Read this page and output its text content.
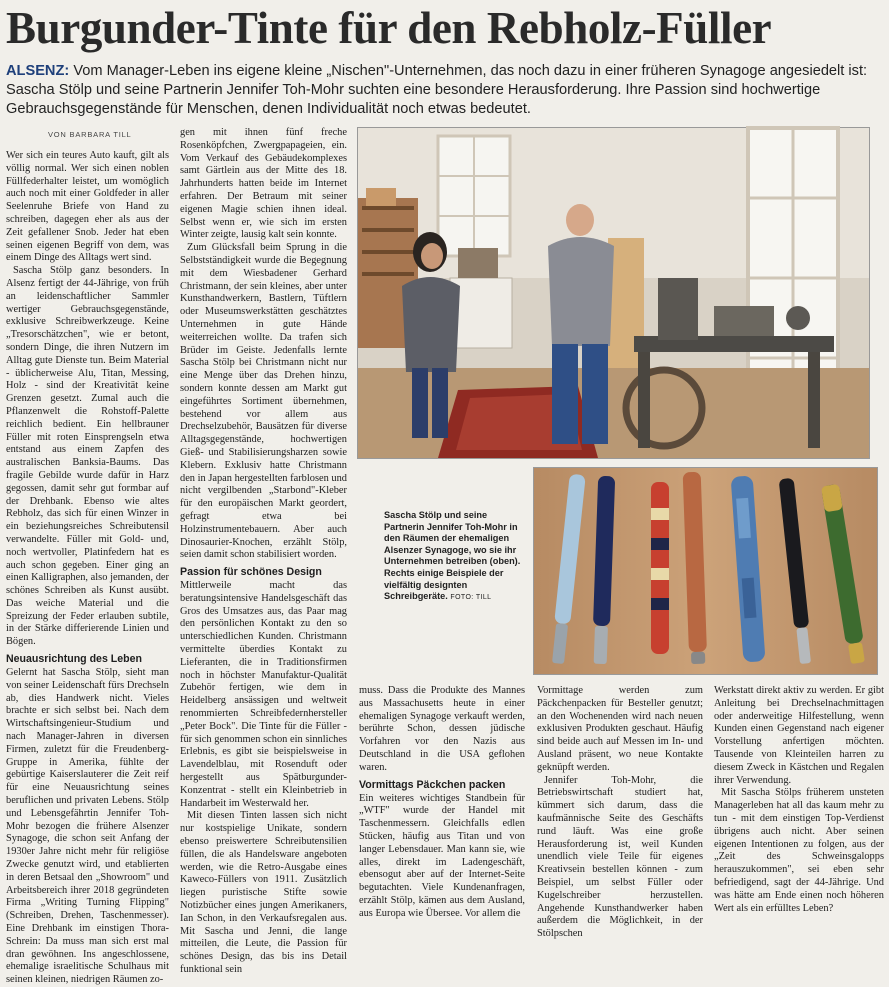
Burgunder-Tinte für den Rebholz-Füller
ALSENZ: Vom Manager-Leben ins eigene kleine „Nischen"-Unternehmen, das noch dazu in einer früheren Synagoge angesiedelt ist: Sascha Stölp und seine Partnerin Jennifer Toh-Mohr suchten eine besondere Herausforderung. Ihre Passion sind hochwertige Gebrauchsgegenstände für Menschen, denen Individualität noch etwas bedeutet.
VON BARBARA TILL

Wer sich ein teures Auto kauft, gilt als völlig normal. Wer sich einen noblen Füllfederhalter leistet, um womöglich auch noch mit einer Goldfeder in aller Seelenruhe Briefe von Hand zu schreiben, dagegen eher als aus der Zeit gefallener Snob. Jeder hat eben seinen eigenen Begriff von dem, was einem Dinge des Alltags wert sind.

Sascha Stölp ganz besonders. In Alsenz fertigt der 44-Jährige, von früh an leidenschaftlicher Sammler wertiger Gebrauchsgegenstände, exklusive Schreibwerkzeuge. Keine „Tresorschätzchen", wie er betont, sondern Dinge, die ihren Nutzern im Alltag gute Dienste tun. Beim Material - üblicherweise Alu, Titan, Messing, Holz - sind der Kreativität keine Grenzen gesetzt. Zumal auch die Pflanzenwelt die Rohstoff-Palette reichlich bedient. Ein hellbrauner Füller mit roten Einsprengseln etwa entstand aus einem Zapfen des australischen Banksia-Baums. Das fragile Gebilde wurde dafür in Harz gegossen, damit sehr gut formbar auf der Drehbank. Ebenso wie altes Rebholz, das sich für einen Winzer in ein beziehungsreiches Schreibutensil verwandelte. Füller mit Gold- und, noch wertvoller, Platinfedern hat es auch schon gegeben. Einer ging an einen Kalligraphen, also jemanden, der schönes Schreiben als Kunst ausübt. Das weiche Material und die Spreizung der Feder erlauben subtile, in der Stärke differierende Linien und Bögen.

Neuausrichtung des Leben

Gelernt hat Sascha Stölp, sieht man von seiner Leidenschaft fürs Drechseln ab, dies Handwerk nicht. Vieles brachte er sich selbst bei. Nach dem Wirtschaftsingenieur-Studium und nach Manager-Jahren in diversen Firmen, zuletzt für die Freudenberg-Gruppe in Amerika, fühlte der gebürtige Kaiserslauterer die Zeit reif für eine Neuausrichtung seines beruflichen und privaten Lebens. Stölp und Lebensgefährtin Jennifer Toh-Mohr bezogen die frühere Alsenzer Synagoge, die schon seit Anfang der 1930er Jahre nicht mehr für religiöse Zwecke genutzt wird, und etablierten in deren Betsaal den „Showroom" und Arbeitsbereich ihrer 2018 gegründeten Firma „Writing Turning Flipping" (Schreiben, Drehen, Taschenmesser). Eine Drehbank im einstigen Thora-Schrein: Da muss man sich erst mal dran gewöhnen. Ins angeschlossene, ehemalige israelitische Schulhaus mit seinen kleinen, niedrigen Räumen zo-

gen mit ihnen fünf freche Rosenköpfchen, Zwergpapageien, ein. Vom Verkauf des Gebäudekomplexes samt Gärtlein aus der Mitte des 18. Jahrhunderts hatten beide im Internet erfahren. Der Betraum mit seiner eigenen Magie schien ihnen ideal. Selbst wenn er, wie sich im ersten Winter zeigte, lausig kalt sein konnte.

Zum Glücksfall beim Sprung in die Selbstständigkeit wurde die Begegnung mit dem Wiesbadener Gerhard Christmann, der sein kleines, aber unter Kunsthandwerkern, Bastlern, Tüftlern oder Museumswerkstätten geschätztes Unternehmen in gute Hände weiterreichen wollte. Da trafen sich Brüder im Geiste. Jedenfalls lernte Sascha Stölp bei Christmann nicht nur eine Menge über das Drehen hinzu, sondern konnte dessen am Markt gut eingeführtes Sortiment übernehmen, bestehend vor allem aus Drechselzubehör, Bausätzen für diverse Alltagsgegenstände, hochwertigen Gieß- und Stabilisierungsharzen sowie Klebern. Exklusiv hatte Christmann den in Japan hergestellten farblosen und nicht vergilbenden „Starbond"-Kleber für den europäischen Markt geordert, gefragt etwa bei Holzinstrumentebauern. Aber auch Dinosaurier-Knochen, erzählt Stölp, seien damit schon stabilisiert worden.

Passion für schönes Design

Mittlerweile macht das beratungsintensive Handelsgeschäft das Gros des Umsatzes aus, das Paar mag den persönlichen Kontakt zu den so unterschiedlichen Kunden. Christmann vermittelte überdies Kontakt zu Lieferanten, die in Traditionsfirmen noch in höchster Manufaktur-Qualität Zubehör fertigen, wie dem in Heidelberg ansässigen und weltweit renommierten Schreibfedernhersteller „Peter Bock". Die Tinte für die Füller - für sich genommen schon ein sinnliches Erlebnis, es gibt sie beispielsweise in Lavendelblau, mit Rosenduft oder hergestellt aus Spätburgunder-Konzentrat - stellt ein Kleinbetrieb in Handarbeit im Westerwald her.

Mit diesen Tinten lassen sich nicht nur kostspielige Unikate, sondern ebenso preiswertere Schreibutensilien füllen, die als Handelsware angeboten werden, wie die Retro-Ausgabe eines Kaweco-Füllers von 1911. Zusätzlich liegen puristische Stifte sowie Notizbücher eines jungen Amerikaners, Ian Schon, in den Verkaufsregalen aus. Mit Sascha und Jenni, die lange mitteilen, die Leute, die Passion für schönes Design, das bis ins Detail funktional sein

Sascha Stölp und seine Partnerin Jennifer Toh-Mohr in den Räumen der ehemaligen Alsenzer Synagoge, wo sie ihr Unternehmen betreiben (oben). Rechts einige Beispiele der vielfältig designten Schreibgeräte. FOTO: TILL

muss. Dass die Produkte des Mannes aus Massachusetts heute in einer ehemaligen Synagoge verkauft werden, berührte Schon, dessen jüdische Vorfahren vor den Nazis aus Deutschland in die USA geflohen waren.

Vormittags Päckchen packen

Ein weiteres wichtiges Standbein für „WTF" wurde der Handel mit Taschenmessern. Gleichfalls edlen Stücken, häufig aus Titan und von langer Lebensdauer. Man kann sie, wie alles, direkt im Ladengeschäft, ebensogut aber auf der Internet-Seite begutachten. Viele Kundenanfragen, erzählt Stölp, kämen aus dem Ausland, aus Europa wie Übersee. Vor allem die

Vormittage werden zum Päckchenpacken für Besteller genutzt; an den Wochenenden wird nach neuen exklusiven Produkten geschaut. Häufig sind beide auch auf Messen im In- und Ausland präsent, wo neue Kontakte geknüpft werden.

Jennifer Toh-Mohr, die Betriebswirtschaft studiert hat, kümmert sich darum, dass die kaufmännische Seite des Geschäfts rund läuft. Was eine große Herausforderung ist, weil Kunden unendlich viele Teile für eigenes Kreativsein bestellen können - zum Beispiel, um selbst Füller oder Kugelschreiber herzustellen. Angehende Kunsthandwerker haben außerdem die Möglichkeit, in der Stölpschen

Werkstatt direkt aktiv zu werden. Er gibt Anleitung bei Drechselnachmittagen oder anderweitige Hilfestellung, wenn Kunden einen Gegenstand nach eigener Vorstellung anfertigen möchten. Tausende von Kleinteilen harren zu diesem Zweck in Kästchen und Regalen ihrer Verwendung.

Mit Sascha Stölps früherem unsteten Managerleben hat all das kaum mehr zu tun - mit dem einstigen Top-Verdienst übrigens auch nicht. Aber seinen eigenen Intentionen zu folgen, aus der „Zeit des Schweinsgalopps herauszukommen", sei eben sehr befriedigend, sagt der 44-Jährige. Und was hätte am Ende einen noch höheren Wert als ein erfülltes Leben?
